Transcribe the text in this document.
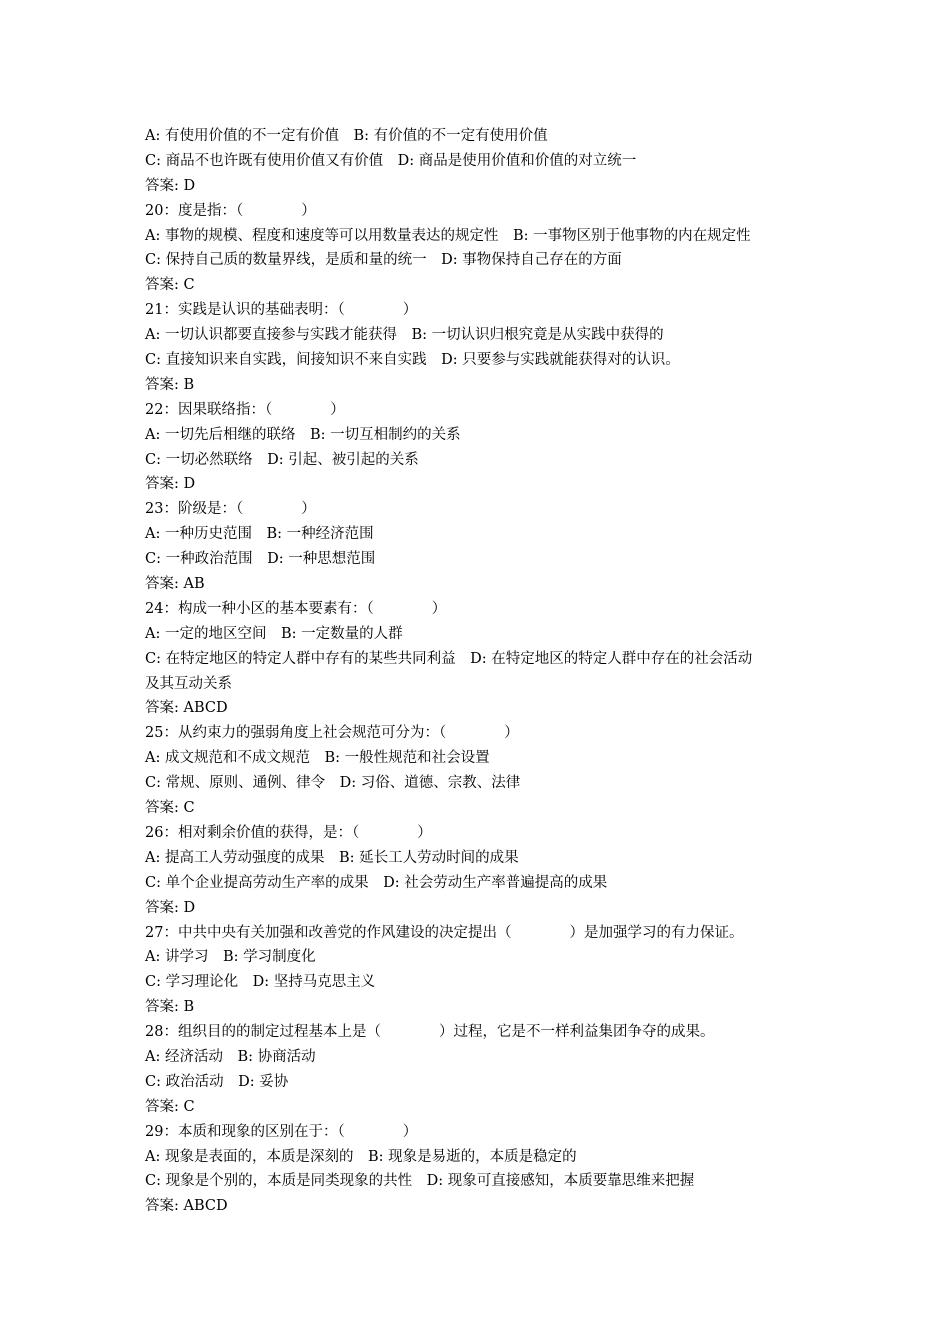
A: 有使用价值的不一定有价值　B: 有价值的不一定有使用价值
C: 商品不也许既有使用价值又有价值　D: 商品是使用价值和价值的对立统一
答案: D
20：度是指：（　　　　）
A: 事物的规模、程度和速度等可以用数量表达的规定性　B: 一事物区别于他事物的内在规定性
C: 保持自己质的数量界线，是质和量的统一　D: 事物保持自己存在的方面
答案: C
21：实践是认识的基础表明：（　　　　）
A: 一切认识都要直接参与实践才能获得　B: 一切认识归根究竟是从实践中获得的
C: 直接知识来自实践，间接知识不来自实践　D: 只要参与实践就能获得对的认识。
答案: B
22：因果联络指：（　　　　）
A: 一切先后相继的联络　B: 一切互相制约的关系
C: 一切必然联络　D: 引起、被引起的关系
答案: D
23：阶级是：（　　　　）
A: 一种历史范围　B: 一种经济范围
C: 一种政治范围　D: 一种思想范围
答案: AB
24：构成一种小区的基本要素有：（　　　　）
A: 一定的地区空间　B: 一定数量的人群
C: 在特定地区的特定人群中存有的某些共同利益　D: 在特定地区的特定人群中存在的社会活动
及其互动关系
答案: ABCD
25：从约束力的强弱角度上社会规范可分为：（　　　　）
A: 成文规范和不成文规范　B: 一般性规范和社会设置
C: 常规、原则、通例、律令　D: 习俗、道德、宗教、法律
答案: C
26：相对剩余价值的获得，是：（　　　　）
A: 提高工人劳动强度的成果　B: 延长工人劳动时间的成果
C: 单个企业提高劳动生产率的成果　D: 社会劳动生产率普遍提高的成果
答案: D
27：中共中央有关加强和改善党的作风建设的决定提出（　　　　）是加强学习的有力保证。
A: 讲学习　B: 学习制度化
C: 学习理论化　D: 坚持马克思主义
答案: B
28：组织目的的制定过程基本上是（　　　　）过程，它是不一样利益集团争夺的成果。
A: 经济活动　B: 协商活动
C: 政治活动　D: 妥协
答案: C
29：本质和现象的区别在于：（　　　　）
A: 现象是表面的，本质是深刻的　B: 现象是易逝的，本质是稳定的
C: 现象是个别的，本质是同类现象的共性　D: 现象可直接感知，本质要靠思维来把握
答案: ABCD
